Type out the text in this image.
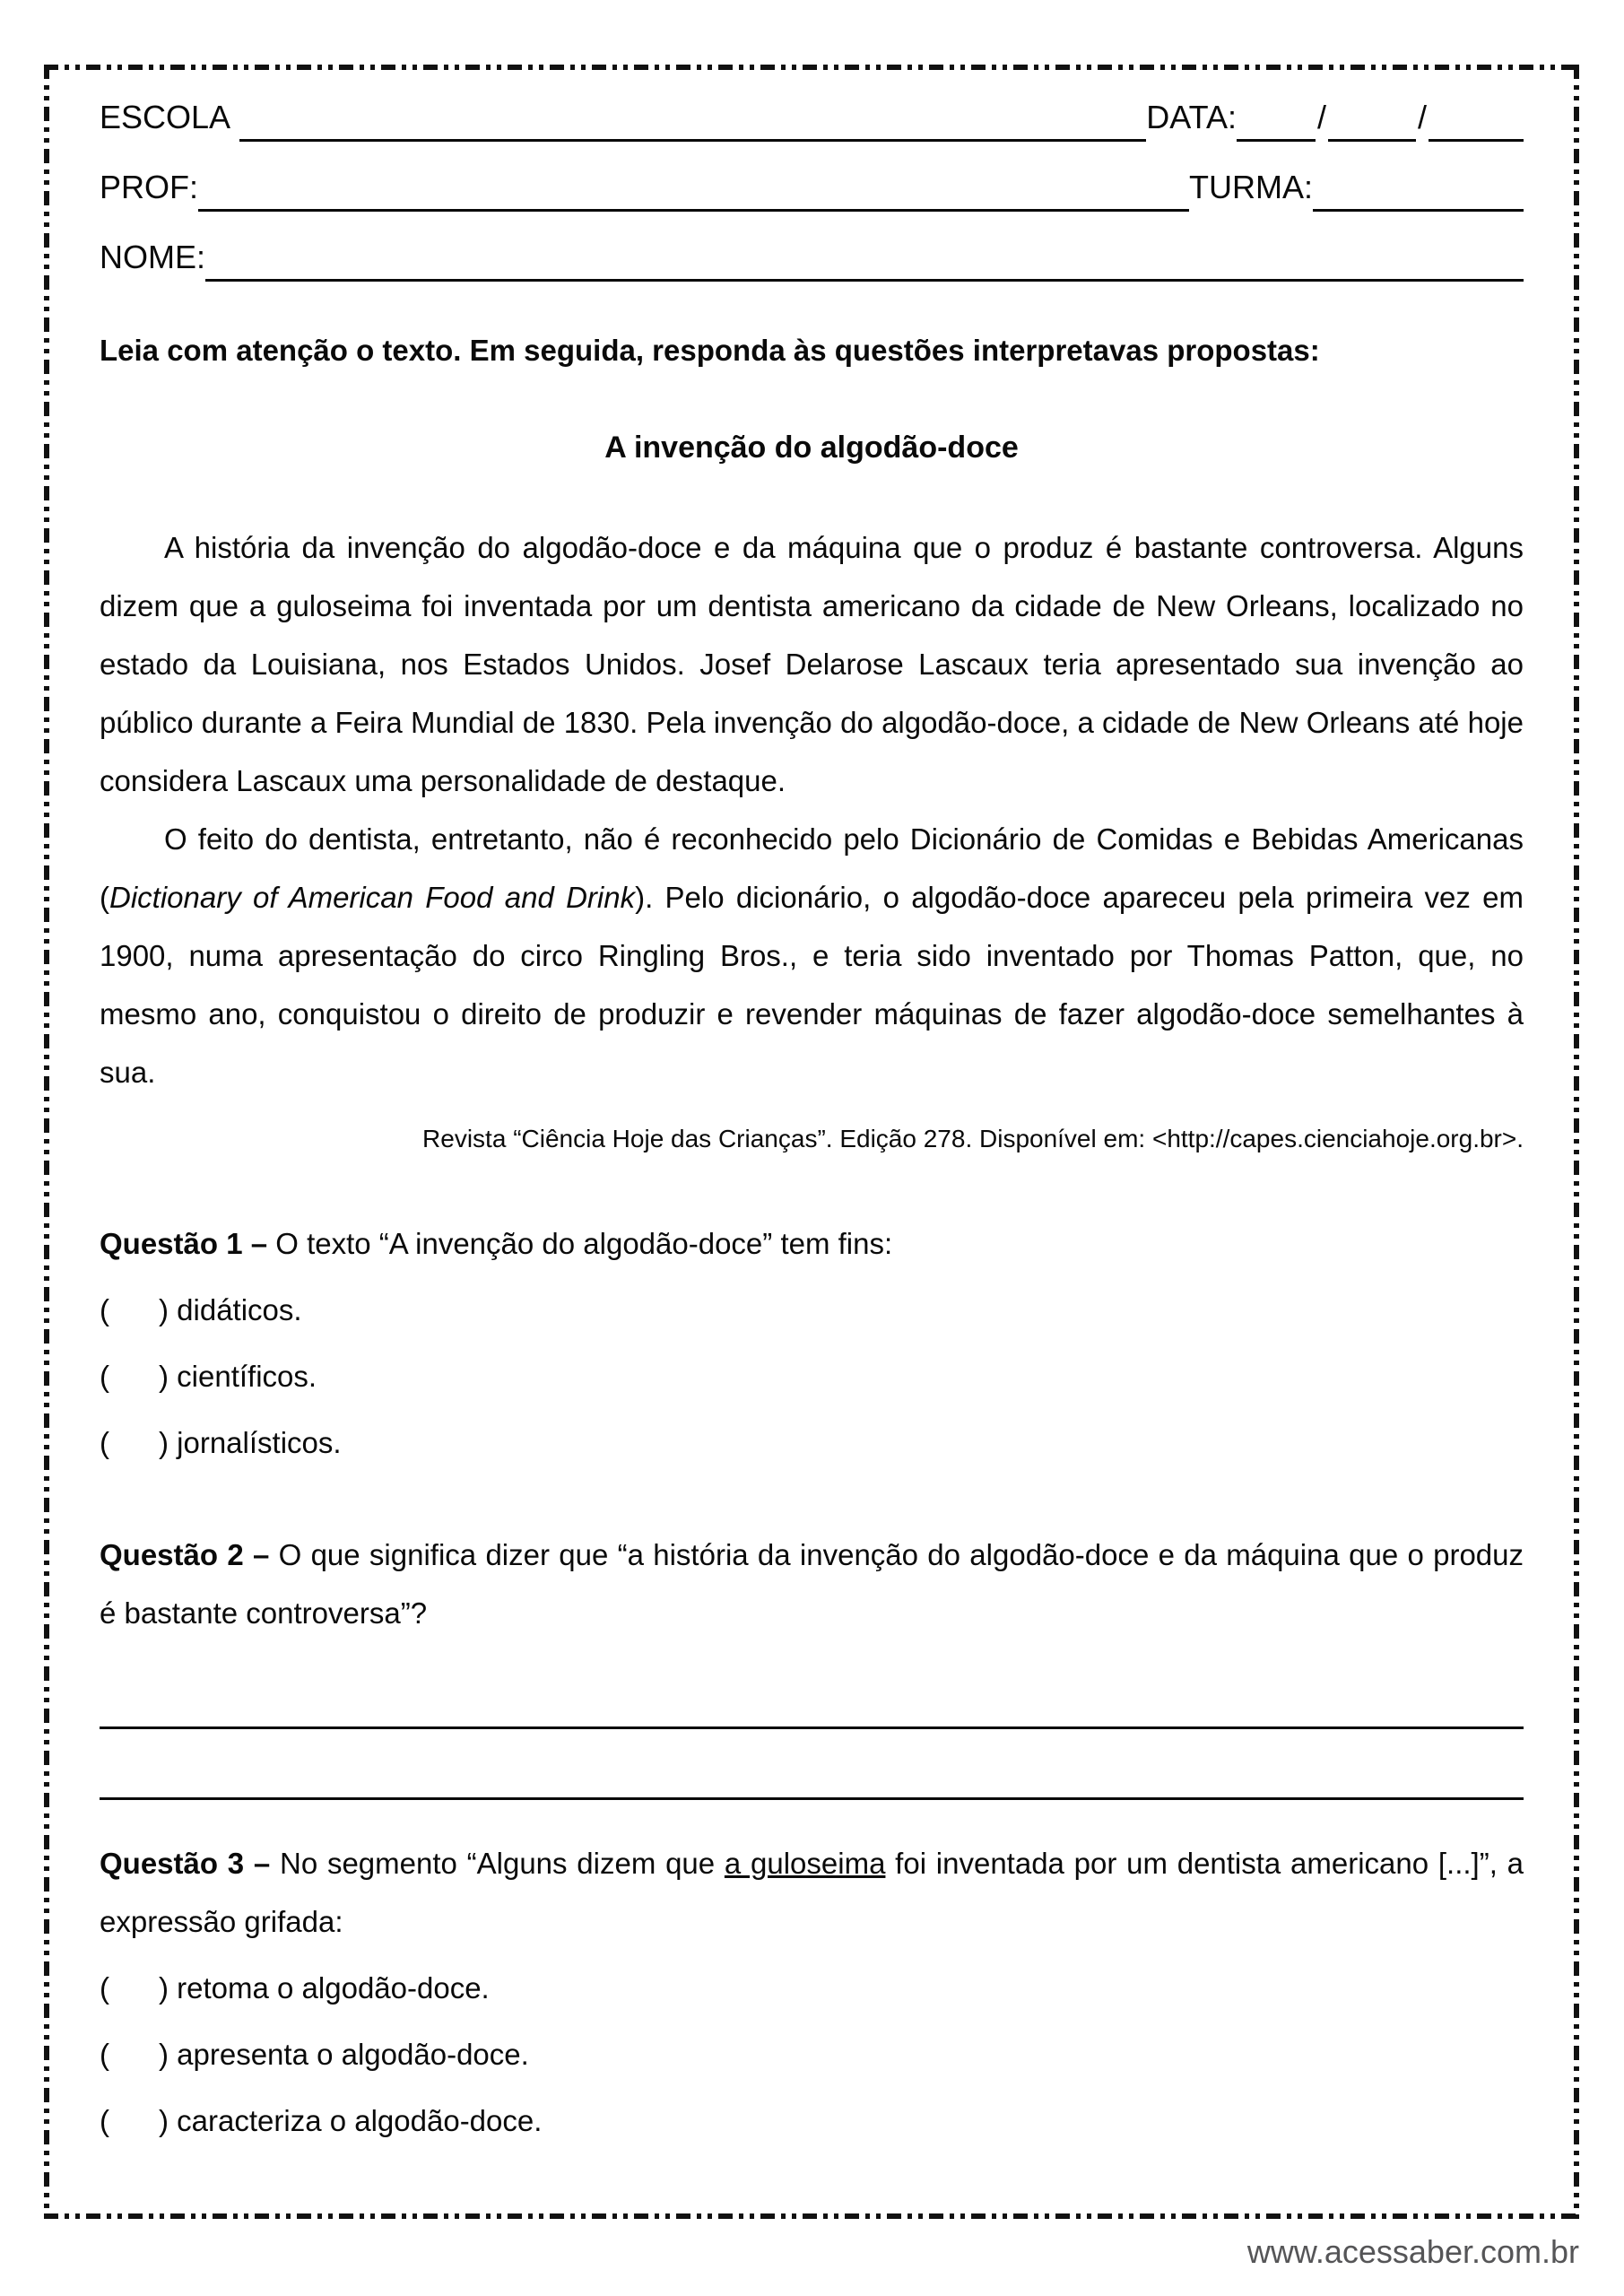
ESCOLA	DATA:	/	/
PROF:	TURMA:
NOME:
Leia com atenção o texto. Em seguida, responda às questões interpretavas propostas:
A invenção do algodão-doce

A história da invenção do algodão-doce e da máquina que o produz é bastante controversa. Alguns dizem que a guloseima foi inventada por um dentista americano da cidade de New Orleans, localizado no estado da Louisiana, nos Estados Unidos. Josef Delarose Lascaux teria apresentado sua invenção ao público durante a Feira Mundial de 1830. Pela invenção do algodão-doce, a cidade de New Orleans até hoje considera Lascaux uma personalidade de destaque.

O feito do dentista, entretanto, não é reconhecido pelo Dicionário de Comidas e Bebidas Americanas (Dictionary of American Food and Drink). Pelo dicionário, o algodão-doce apareceu pela primeira vez em 1900, numa apresentação do circo Ringling Bros., e teria sido inventado por Thomas Patton, que, no mesmo ano, conquistou o direito de produzir e revender máquinas de fazer algodão-doce semelhantes à sua.

Revista “Ciência Hoje das Crianças”. Edição 278. Disponível em: <http://capes.cienciahoje.org.br>.

Questão 1 – O texto “A invenção do algodão-doce” tem fins:

(      ) didáticos.
(      ) científicos.
(      ) jornalísticos.

Questão 2 – O que significa dizer que “a história da invenção do algodão-doce e da máquina que o produz é bastante controversa”?

Questão 3 – No segmento “Alguns dizem que a guloseima foi inventada por um dentista americano [...]”, a expressão grifada:

(      ) retoma o algodão-doce.
(      ) apresenta o algodão-doce.
(      ) caracteriza o algodão-doce.
www.acessaber.com.br
